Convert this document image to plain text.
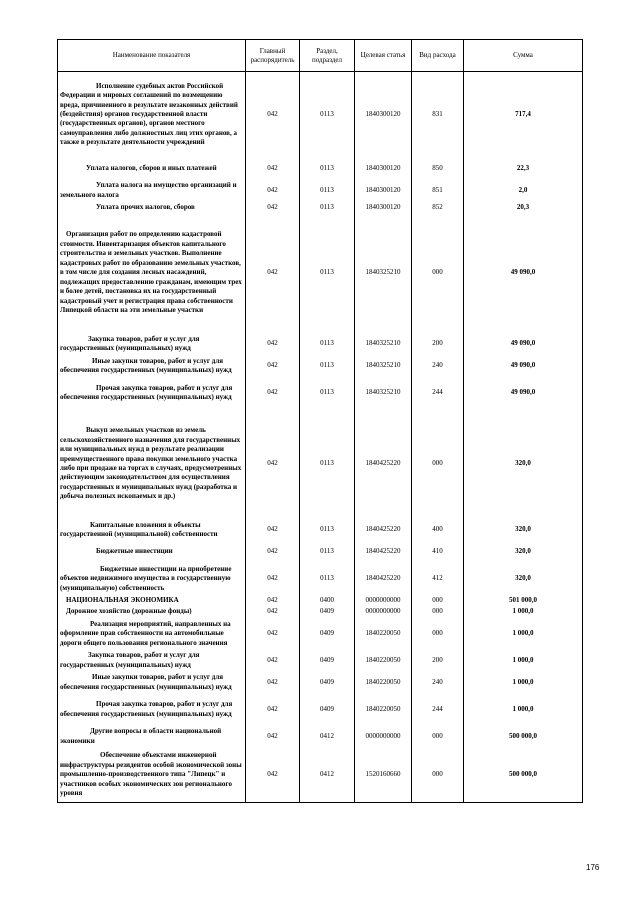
Наименование показателя	Главный распорядитель	Раздел, подраздел	Целевая статья	Вид расхода	Сумма
Исполнение судебных актов Российской Федерации и мировых соглашений по возмещению вреда, причиненного в результате незаконных действий (бездействия) органов государственной власти (государственных органов), органов местного самоуправления либо должностных лиц этих органов, а также в результате деятельности учреждений	042	0113	1840300120	831	717,4
Уплата налогов, сборов и иных платежей	042	0113	1840300120	850	22,3
Уплата налога на имущество организаций и земельного налога	042	0113	1840300120	851	2,0
Уплата прочих налогов, сборов	042	0113	1840300120	852	20,3
Организация работ по определению кадастровой стоимости. Инвентаризация объектов капитального строительства и земельных участков. Выполнение кадастровых работ по образованию земельных участков, в том числе для создания лесных насаждений, подлежащих предоставлению гражданам, имеющим трех и более детей, постановка их на государственный кадастровый учет и регистрация права собственности Липецкой области на эти земельные участки	042	0113	1840325210	000	49 090,0
Закупка товаров, работ и услуг для государственных (муниципальных) нужд	042	0113	1840325210	200	49 090,0
Иные закупки товаров, работ и услуг для обеспечения государственных (муниципальных) нужд	042	0113	1840325210	240	49 090,0
Прочая закупка товаров, работ и услуг для обеспечения государственных (муниципальных) нужд	042	0113	1840325210	244	49 090,0
Выкуп земельных участков из земель сельскохозяйственного назначения для государственных или муниципальных нужд в результате реализации преимущественного права покупки земельного участка либо при продаже на торгах в случаях, предусмотренных действующим законодательством для осуществления государственных и муниципальных нужд (разработка и добыча полезных ископаемых и др.)	042	0113	1840425220	000	320,0
Капитальные вложения в объекты государственной (муниципальной) собственности	042	0113	1840425220	400	320,0
Бюджетные инвестиции	042	0113	1840425220	410	320,0
Бюджетные инвестиции на приобретение объектов недвижимого имущества в государственную (муниципальную) собственность	042	0113	1840425220	412	320,0
НАЦИОНАЛЬНАЯ ЭКОНОМИКА	042	0400	0000000000	000	501 000,0
Дорожное хозяйство (дорожные фонды)	042	0409	0000000000	000	1 000,0
Реализация мероприятий, направленных на оформление прав собственности на автомобильные дороги общего пользования регионального значения	042	0409	1840220050	000	1 000,0
Закупка товаров, работ и услуг для государственных (муниципальных) нужд	042	0409	1840220050	200	1 000,0
Иные закупки товаров, работ и услуг для обеспечения государственных (муниципальных) нужд	042	0409	1840220050	240	1 000,0
Прочая закупка товаров, работ и услуг для обеспечения государственных (муниципальных) нужд	042	0409	1840220050	244	1 000,0
Другие вопросы в области национальной экономики	042	0412	0000000000	000	500 000,0
Обеспечение объектами инженерной инфраструктуры резидентов особой экономической зоны промышленно-производственного типа "Липецк" и участников особых экономических зон регионального уровня	042	0412	1520160660	000	500 000,0
176
